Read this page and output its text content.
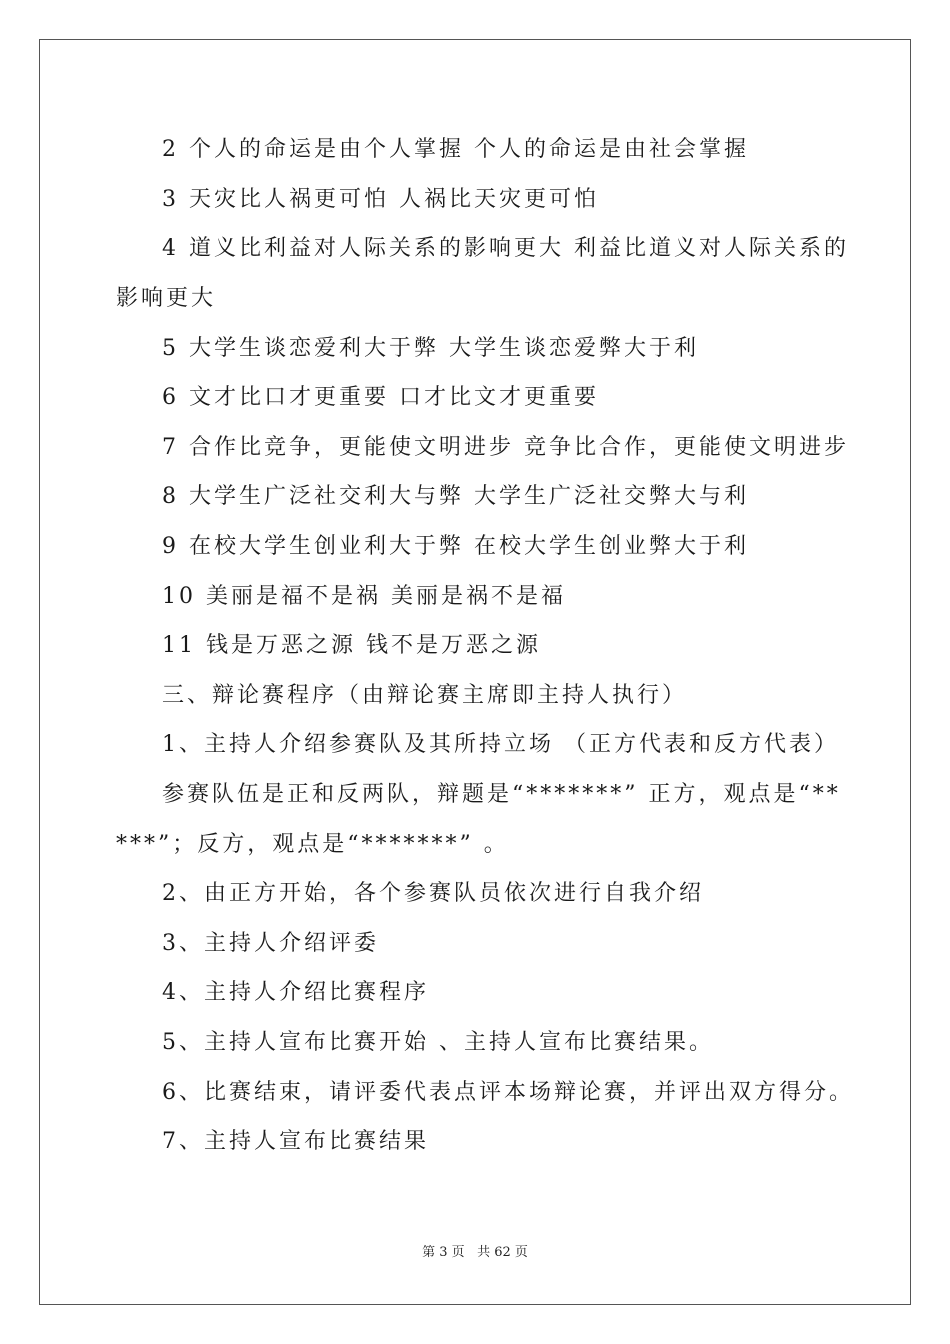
2 个人的命运是由个人掌握 个人的命运是由社会掌握
3 天灾比人祸更可怕 人祸比天灾更可怕
4 道义比利益对人际关系的影响更大 利益比道义对人际关系的
影响更大
5 大学生谈恋爱利大于弊 大学生谈恋爱弊大于利
6 文才比口才更重要 口才比文才更重要
7 合作比竞争，更能使文明进步 竞争比合作，更能使文明进步
8 大学生广泛社交利大与弊 大学生广泛社交弊大与利
9 在校大学生创业利大于弊 在校大学生创业弊大于利
10 美丽是福不是祸 美丽是祸不是福
11 钱是万恶之源 钱不是万恶之源
三、辩论赛程序（由辩论赛主席即主持人执行）
1、主持人介绍参赛队及其所持立场 （正方代表和反方代表）
参赛队伍是正和反两队，辩题是“*******” 正方，观点是“**
***”；反方，观点是“*******” 。
2、由正方开始，各个参赛队员依次进行自我介绍
3、主持人介绍评委
4、主持人介绍比赛程序
5、主持人宣布比赛开始 、主持人宣布比赛结果。
6、比赛结束，请评委代表点评本场辩论赛，并评出双方得分。
7、主持人宣布比赛结果
第 3 页 共 62 页
